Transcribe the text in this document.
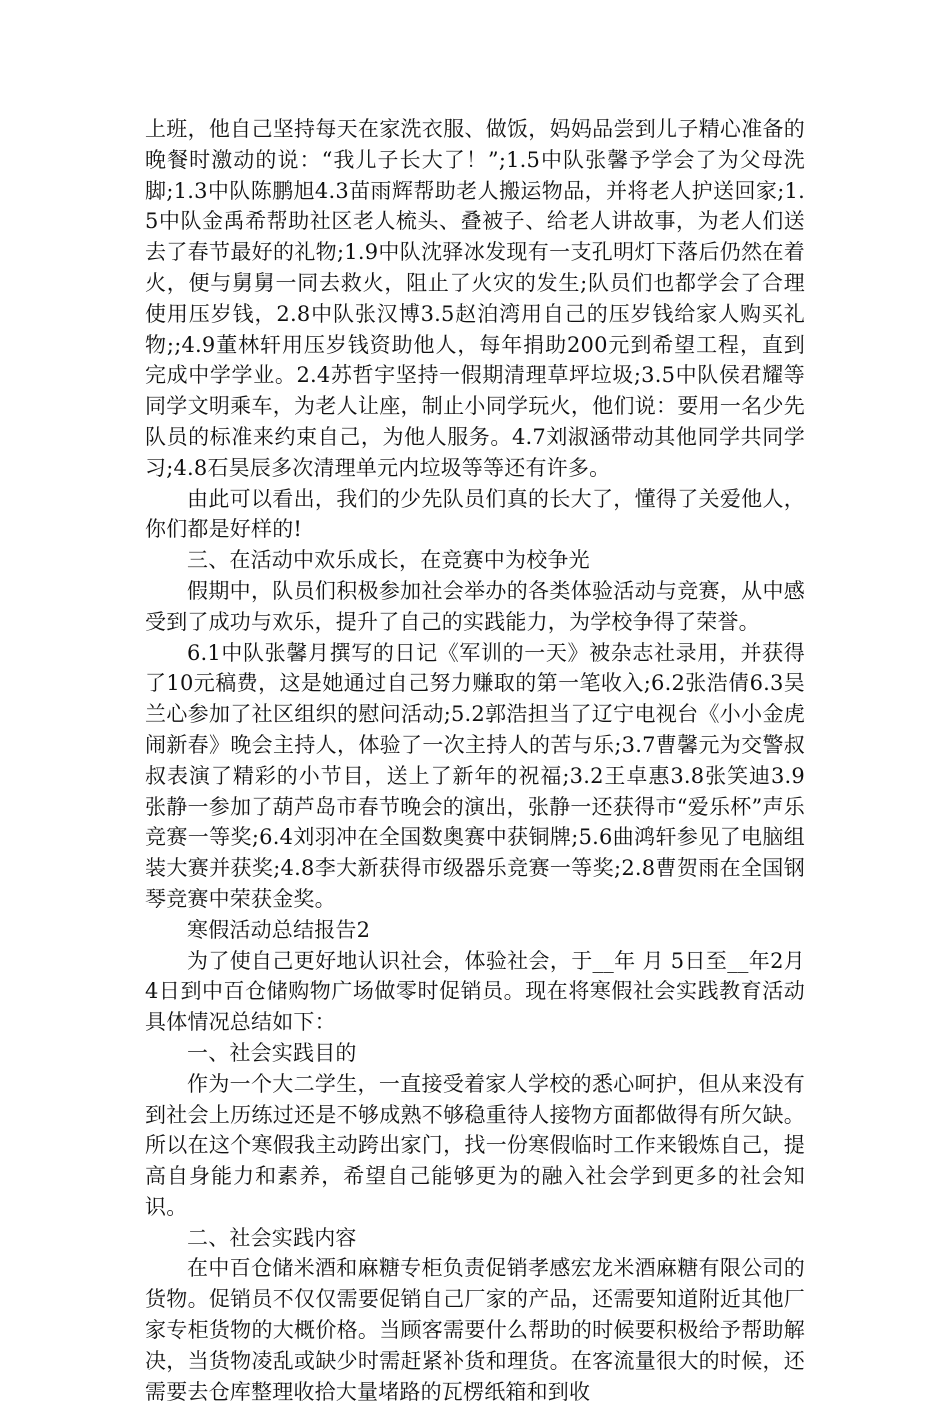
上班，他自己坚持每天在家洗衣服、做饭，妈妈品尝到儿子精心准备的晚餐时激动的说：“我儿子长大了！”;1.5中队张馨予学会了为父母洗脚;1.3中队陈鹏旭4.3苗雨辉帮助老人搬运物品，并将老人护送回家;1.5中队金禹希帮助社区老人梳头、叠被子、给老人讲故事，为老人们送去了春节最好的礼物;1.9中队沈驿冰发现有一支孔明灯下落后仍然在着火，便与舅舅一同去救火，阻止了火灾的发生;队员们也都学会了合理使用压岁钱，2.8中队张汉博3.5赵泊湾用自己的压岁钱给家人购买礼物;;4.9董林轩用压岁钱资助他人，每年捐助200元到希望工程，直到完成中学学业。2.4苏哲宇坚持一假期清理草坪垃圾;3.5中队侯君耀等同学文明乘车，为老人让座，制止小同学玩火，他们说：要用一名少先队员的标准来约束自己，为他人服务。4.7刘淑涵带动其他同学共同学习;4.8石昊辰多次清理单元内垃圾等等还有许多。

由此可以看出，我们的少先队员们真的长大了，懂得了关爱他人，你们都是好样的!

三、在活动中欢乐成长，在竞赛中为校争光

假期中，队员们积极参加社会举办的各类体验活动与竞赛，从中感受到了成功与欢乐，提升了自己的实践能力，为学校争得了荣誉。

6.1中队张馨月撰写的日记《军训的一天》被杂志社录用，并获得了10元稿费，这是她通过自己努力赚取的第一笔收入;6.2张浩倩6.3吴兰心参加了社区组织的慰问活动;5.2郭浩担当了辽宁电视台《小小金虎闹新春》晚会主持人，体验了一次主持人的苦与乐;3.7曹馨元为交警叔叔表演了精彩的小节目，送上了新年的祝福;3.2王卓惠3.8张笑迪3.9张静一参加了葫芦岛市春节晚会的演出，张静一还获得市“爱乐杯”声乐竞赛一等奖;6.4刘羽冲在全国数奥赛中获铜牌;5.6曲鸿轩参见了电脑组装大赛并获奖;4.8李大新获得市级器乐竞赛一等奖;2.8曹贺雨在全国钢琴竞赛中荣获金奖。

寒假活动总结报告2

为了使自己更好地认识社会，体验社会，于__年 月 5日至__年2月4日到中百仓储购物广场做零时促销员。现在将寒假社会实践教育活动具体情况总结如下：

一、社会实践目的

作为一个大二学生，一直接受着家人学校的悉心呵护，但从来没有到社会上历练过还是不够成熟不够稳重待人接物方面都做得有所欠缺。所以在这个寒假我主动跨出家门，找一份寒假临时工作来锻炼自己，提高自身能力和素养，希望自己能够更为的融入社会学到更多的社会知识。

二、社会实践内容

在中百仓储米酒和麻糖专柜负责促销孝感宏龙米酒麻糖有限公司的货物。促销员不仅仅需要促销自己厂家的产品，还需要知道附近其他厂家专柜货物的大概价格。当顾客需要什么帮助的时候要积极给予帮助解决，当货物凌乱或缺少时需赶紧补货和理货。在客流量很大的时候，还需要去仓库整理收拾大量堵路的瓦楞纸箱和到收
